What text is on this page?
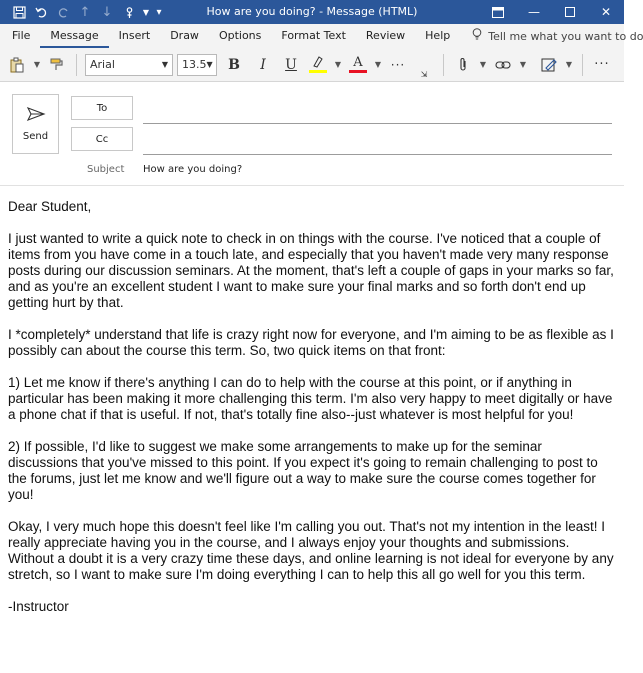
↑ ↓	▼ ▾	How are you doing? - Message (HTML)	—	✕
File	Message	Insert	Draw	Options	Format Text	Review	Help	Tell me what you want to do
▼	Arial	▼ 13.5 ▼	B	I	U	▼ A ▼ ···
⇲
▼	▼	▼ ···
Send
To
Cc
Subject How are you doing?

Dear Student,

I just wanted to write a quick note to check in on things with the course. I've noticed that a couple of items from you have come in a touch late, and especially that you haven't made very many response posts during our discussion seminars. At the moment, that's left a couple of gaps in your marks so far, and as you're an excellent student I want to make sure your final marks and so forth don't end up getting hurt by that.

I *completely* understand that life is crazy right now for everyone, and I'm aiming to be as flexible as I possibly can about the course this term. So, two quick items on that front:

1) Let me know if there's anything I can do to help with the course at this point, or if anything in particular has been making it more challenging this term. I'm also very happy to meet digitally or have a phone chat if that is useful. If not, that's totally fine also--just whatever is most helpful for you!

2) If possible, I'd like to suggest we make some arrangements to make up for the seminar discussions that you've missed to this point. If you expect it's going to remain challenging to post to the forums, just let me know and we'll figure out a way to make sure the course comes together for you!

Okay, I very much hope this doesn't feel like I'm calling you out. That's not my intention in the least! I really appreciate having you in the course, and I always enjoy your thoughts and submissions. Without a doubt it is a very crazy time these days, and online learning is not ideal for everyone by any stretch, so I want to make sure I'm doing everything I can to help this all go well for you this term.

-Instructor
